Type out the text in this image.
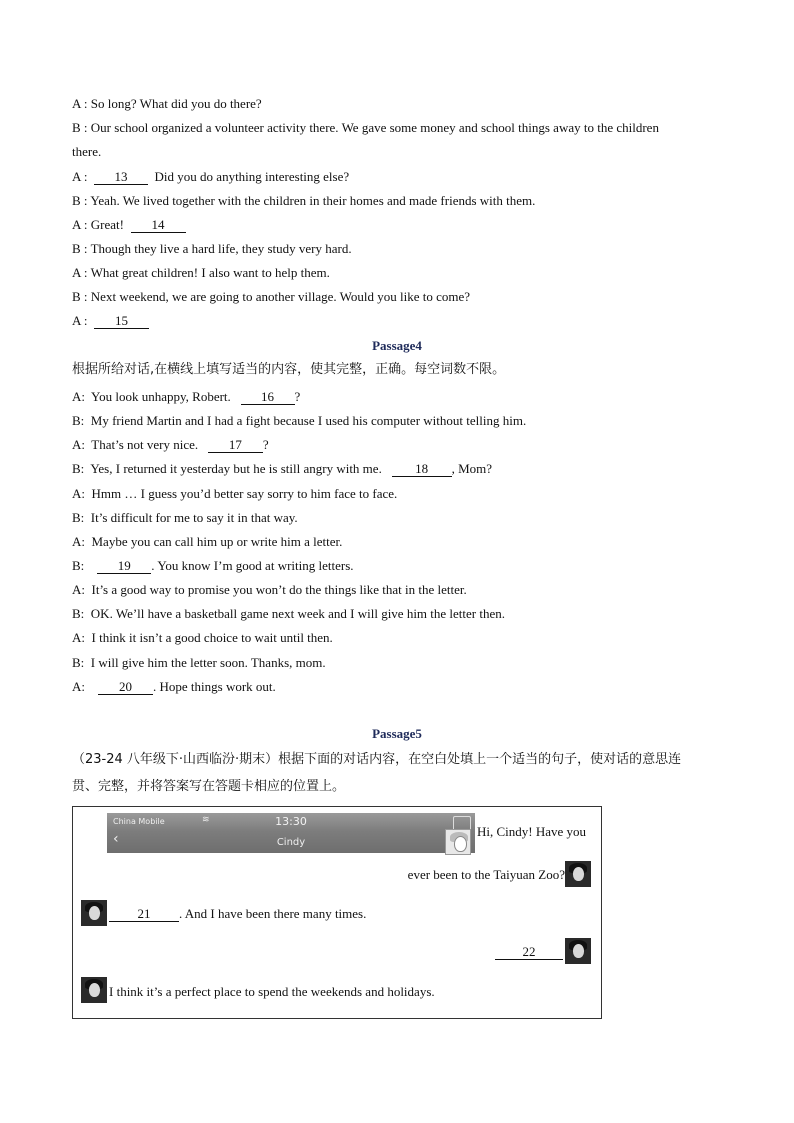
A : So long? What did you do there?
B : Our school organized a volunteer activity there. We gave some money and school things away to the children
there.
A :  13 Did you do anything interesting else?
B : Yeah. We lived together with the children in their homes and made friends with them.
A : Great! 14
B : Though they live a hard life, they study very hard.
A : What great children! I also want to help them.
B : Next weekend, we are going to another village. Would you like to come?
A :  15
Passage4
根据所给对话,在横线上填写适当的内容，使其完整，正确。每空词数不限。
A: You look unhappy, Robert. 16 ?
B: My friend Martin and I had a fight because I used his computer without telling him.
A: That’s not very nice. 17 ?
B: Yes, I returned it yesterday but he is still angry with me.	18 , Mom?
A: Hmm … I guess you’d better say sorry to him face to face.
B: It’s difficult for me to say it in that way.
A: Maybe you can call him up or write him a letter.
B:	19 . You know I’m good at writing letters.
A: It’s a good way to promise you won’t do the things like that in the letter.
B: OK. We’ll have a basketball game next week and I will give him the letter then.
A: I think it isn’t a good choice to wait until then.
B: I will give him the letter soon. Thanks, mom.
A:	20 . Hope things work out.
Passage5
（23-24 八年级下·山西临汾·期末）根据下面的对话内容，在空白处填上一个适当的句子，使对话的意思连
贯、完整，并将答案写在答题卡相应的位置上。
China Mobile	≋	13:30
‹	Cindy
Hi, Cindy! Have you
ever been to the Taiyuan Zoo?
21 . And I have been there many times.
22
I think it’s a perfect place to spend the weekends and holidays.
